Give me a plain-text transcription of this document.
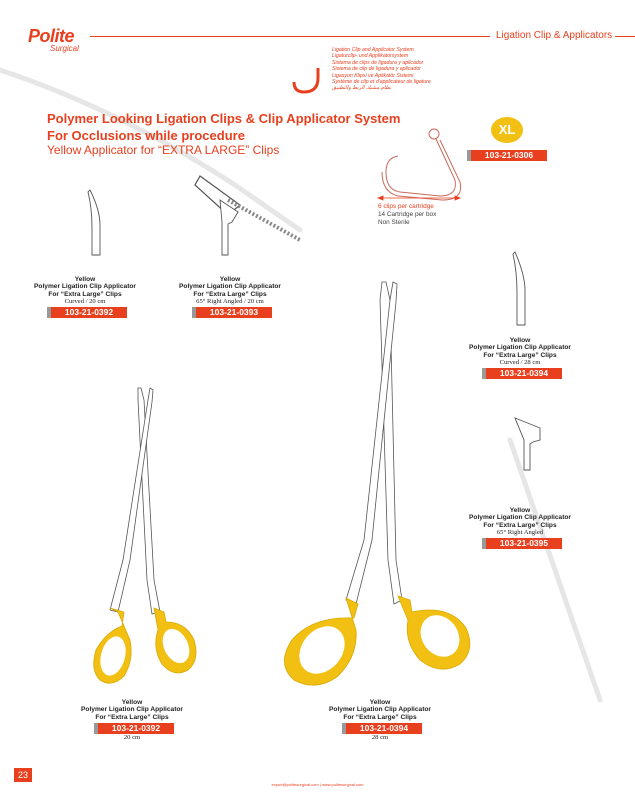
Polite
Surgical
Ligation Clip & Applicators
Ligation Clip and Applicator System
Ligaturclip- und Applikatorsystem
Sistema de clips de ligadura y aplicador
Sistema de clip de ligadura y aplicador
Ligasyon Klipsi ve Aplikatör Sistemi
Système de clip et d'applicateur de ligature
نظام مشبك الربط والتطبيق
Polymer Looking Ligation Clips & Clip Applicator System
For Occlusions while procedure
Yellow Applicator for “EXTRA LARGE” Clips
XL
103-21-0306
6 clips per cartridge
14 Cartridge per box
Non Sterile
Yellow
Polymer Ligation Clip Applicator
For “Extra Large” Clips
Curved / 20 cm
103-21-0392
Yellow
Polymer Ligation Clip Applicator
For “Extra Large” Clips
65° Right Angled / 20 cm
103-21-0393
Yellow
Polymer Ligation Clip Applicator
For “Extra Large” Clips
Curved / 28 cm
103-21-0394
Yellow
Polymer Ligation Clip Applicator
For “Extra Large” Clips
65° Right Angled
103-21-0395
Yellow
Polymer Ligation Clip Applicator
For “Extra Large” Clips
103-21-0392
20 cm
Yellow
Polymer Ligation Clip Applicator
For “Extra Large” Clips
103-21-0394
28 cm
23
export@politesurgical.com | www.politesurgical.com
